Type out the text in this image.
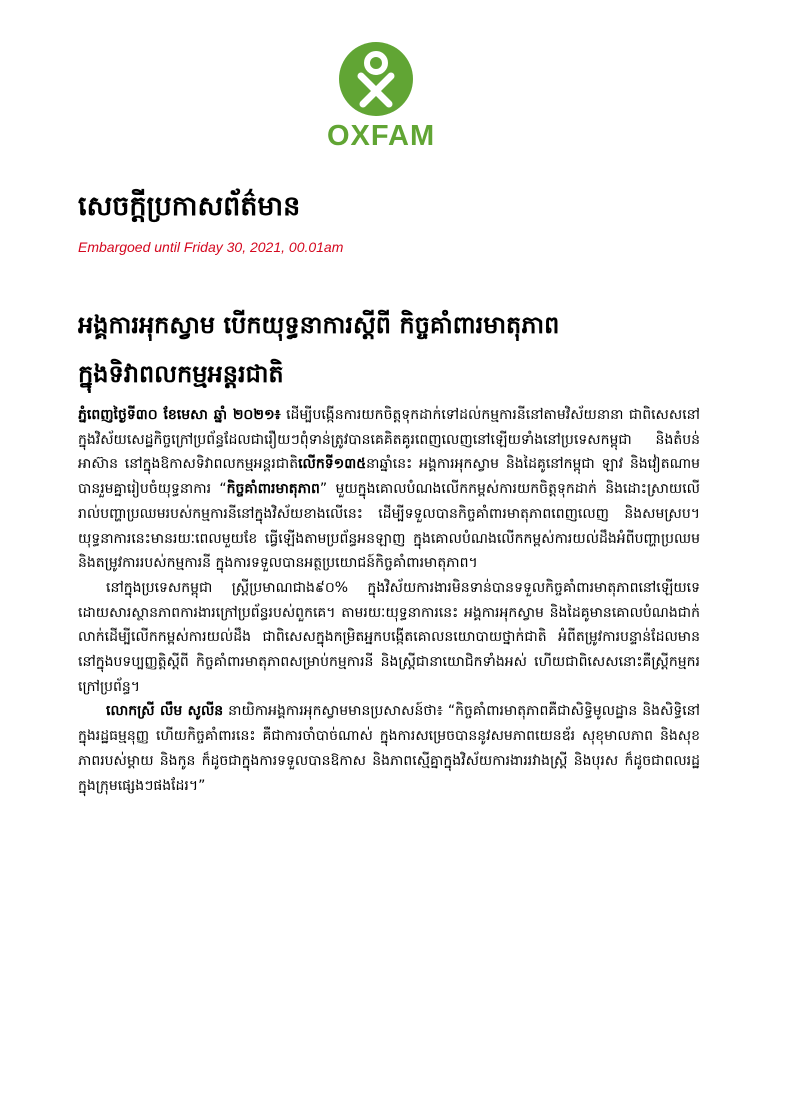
OXFAM
សេចក្តីប្រកាសព័ត៌មាន
Embargoed until Friday 30, 2021, 00.01am
អង្គការអុកស្វាម បើកយុទ្ធនាការស្តីពី កិច្ចគាំពារមាតុភាព
ក្នុងទិវាពលកម្មអន្តរជាតិ

ភ្នំពេញថ្ងៃទី៣០ ខែមេសា ឆ្នាំ ២០២១៖ ដើម្បីបង្កើនការយកចិត្តទុកដាក់ទៅដល់កម្មការនីនៅតាមវិស័យនានា ជាពិសេសនៅក្នុងវិស័យសេដ្ឋកិច្ចក្រៅប្រព័ន្ធដែលជារឿយៗពុំទាន់ត្រូវបានគេគិតគូរពេញលេញនៅឡើយទាំងនៅប្រទេសកម្ពុជា និងតំបន់អាស៊ាន នៅក្នុងឱកាសទិវាពលកម្មអន្តរជាតិលើកទី១៣៥នាឆ្នាំនេះ អង្គការអុកស្វាម និងដៃគូនៅកម្ពុជា ឡាវ និងវៀតណាម បានរួមគ្នារៀបចំយុទ្ធនាការ “កិច្ចគាំពារមាតុភាព” មួយក្នុងគោលបំណងលើកកម្ពស់ការយកចិត្តទុកដាក់ និងដោះស្រាយលើរាល់បញ្ហាប្រឈមរបស់កម្មការនីនៅក្នុងវិស័យខាងលើនេះ ដើម្បីទទួលបានកិច្ចគាំពារមាតុភាពពេញលេញ និងសមស្រប។ យុទ្ធនាការនេះមានរយៈពេលមួយខែ ធ្វើឡើងតាមប្រព័ន្ធអនឡាញ ក្នុងគោលបំណងលើកកម្ពស់ការយល់ដឹងអំពីបញ្ហាប្រឈម និងតម្រូវការរបស់កម្មការនី ក្នុងការទទួលបានអត្ថប្រយោជន៍កិច្ចគាំពារមាតុភាព។

នៅក្នុងប្រទេសកម្ពុជា ស្ត្រីប្រមាណជាង៩០% ក្នុងវិស័យការងារមិនទាន់បានទទួលកិច្ចគាំពារមាតុភាពនៅឡើយទេ ដោយសារស្ថានភាពការងារក្រៅប្រព័ន្ធរបស់ពួកគេ។ តាមរយៈយុទ្ធនាការនេះ អង្គការអុកស្វាម និងដៃគូមានគោលបំណងជាក់លាក់ដើម្បីលើកកម្ពស់ការយល់ដឹង ជាពិសេសក្នុងកម្រិតអ្នកបង្កើតគោលនយោបាយថ្នាក់ជាតិ អំពីតម្រូវការបន្ទាន់ដែលមាននៅក្នុងបទប្បញ្ញត្តិស្តីពី កិច្ចគាំពារមាតុភាពសម្រាប់កម្មការនី និងស្ត្រីជានាយោជិកទាំងអស់ ហើយជាពិសេសនោះគឺស្ត្រីកម្មករក្រៅប្រព័ន្ធ។

លោកស្រី លឹម សូលីន នាយិកាអង្គការអុកស្វាមមានប្រសាសន៍ថា៖ “កិច្ចគាំពារមាតុភាពគឺជាសិទ្ធិមូលដ្ឋាន និងសិទ្ធិនៅក្នុងរដ្ឋធម្មនុញ្ញ ហើយកិច្ចគាំពារនេះ គឺជាការចាំបាច់ណាស់ ក្នុងការសម្រេចបាននូវសមភាពយេនឌ័រ សុខុមាលភាព និងសុខភាពរបស់ម្តាយ និងកូន ក៏ដូចជាក្នុងការទទួលបានឱកាស និងភាពស្មើគ្នាក្នុងវិស័យការងាររវាងស្ត្រី និងបុរស ក៏ដូចជាពលរដ្ឋក្នុងក្រុមផ្សេងៗផងដែរ។”
